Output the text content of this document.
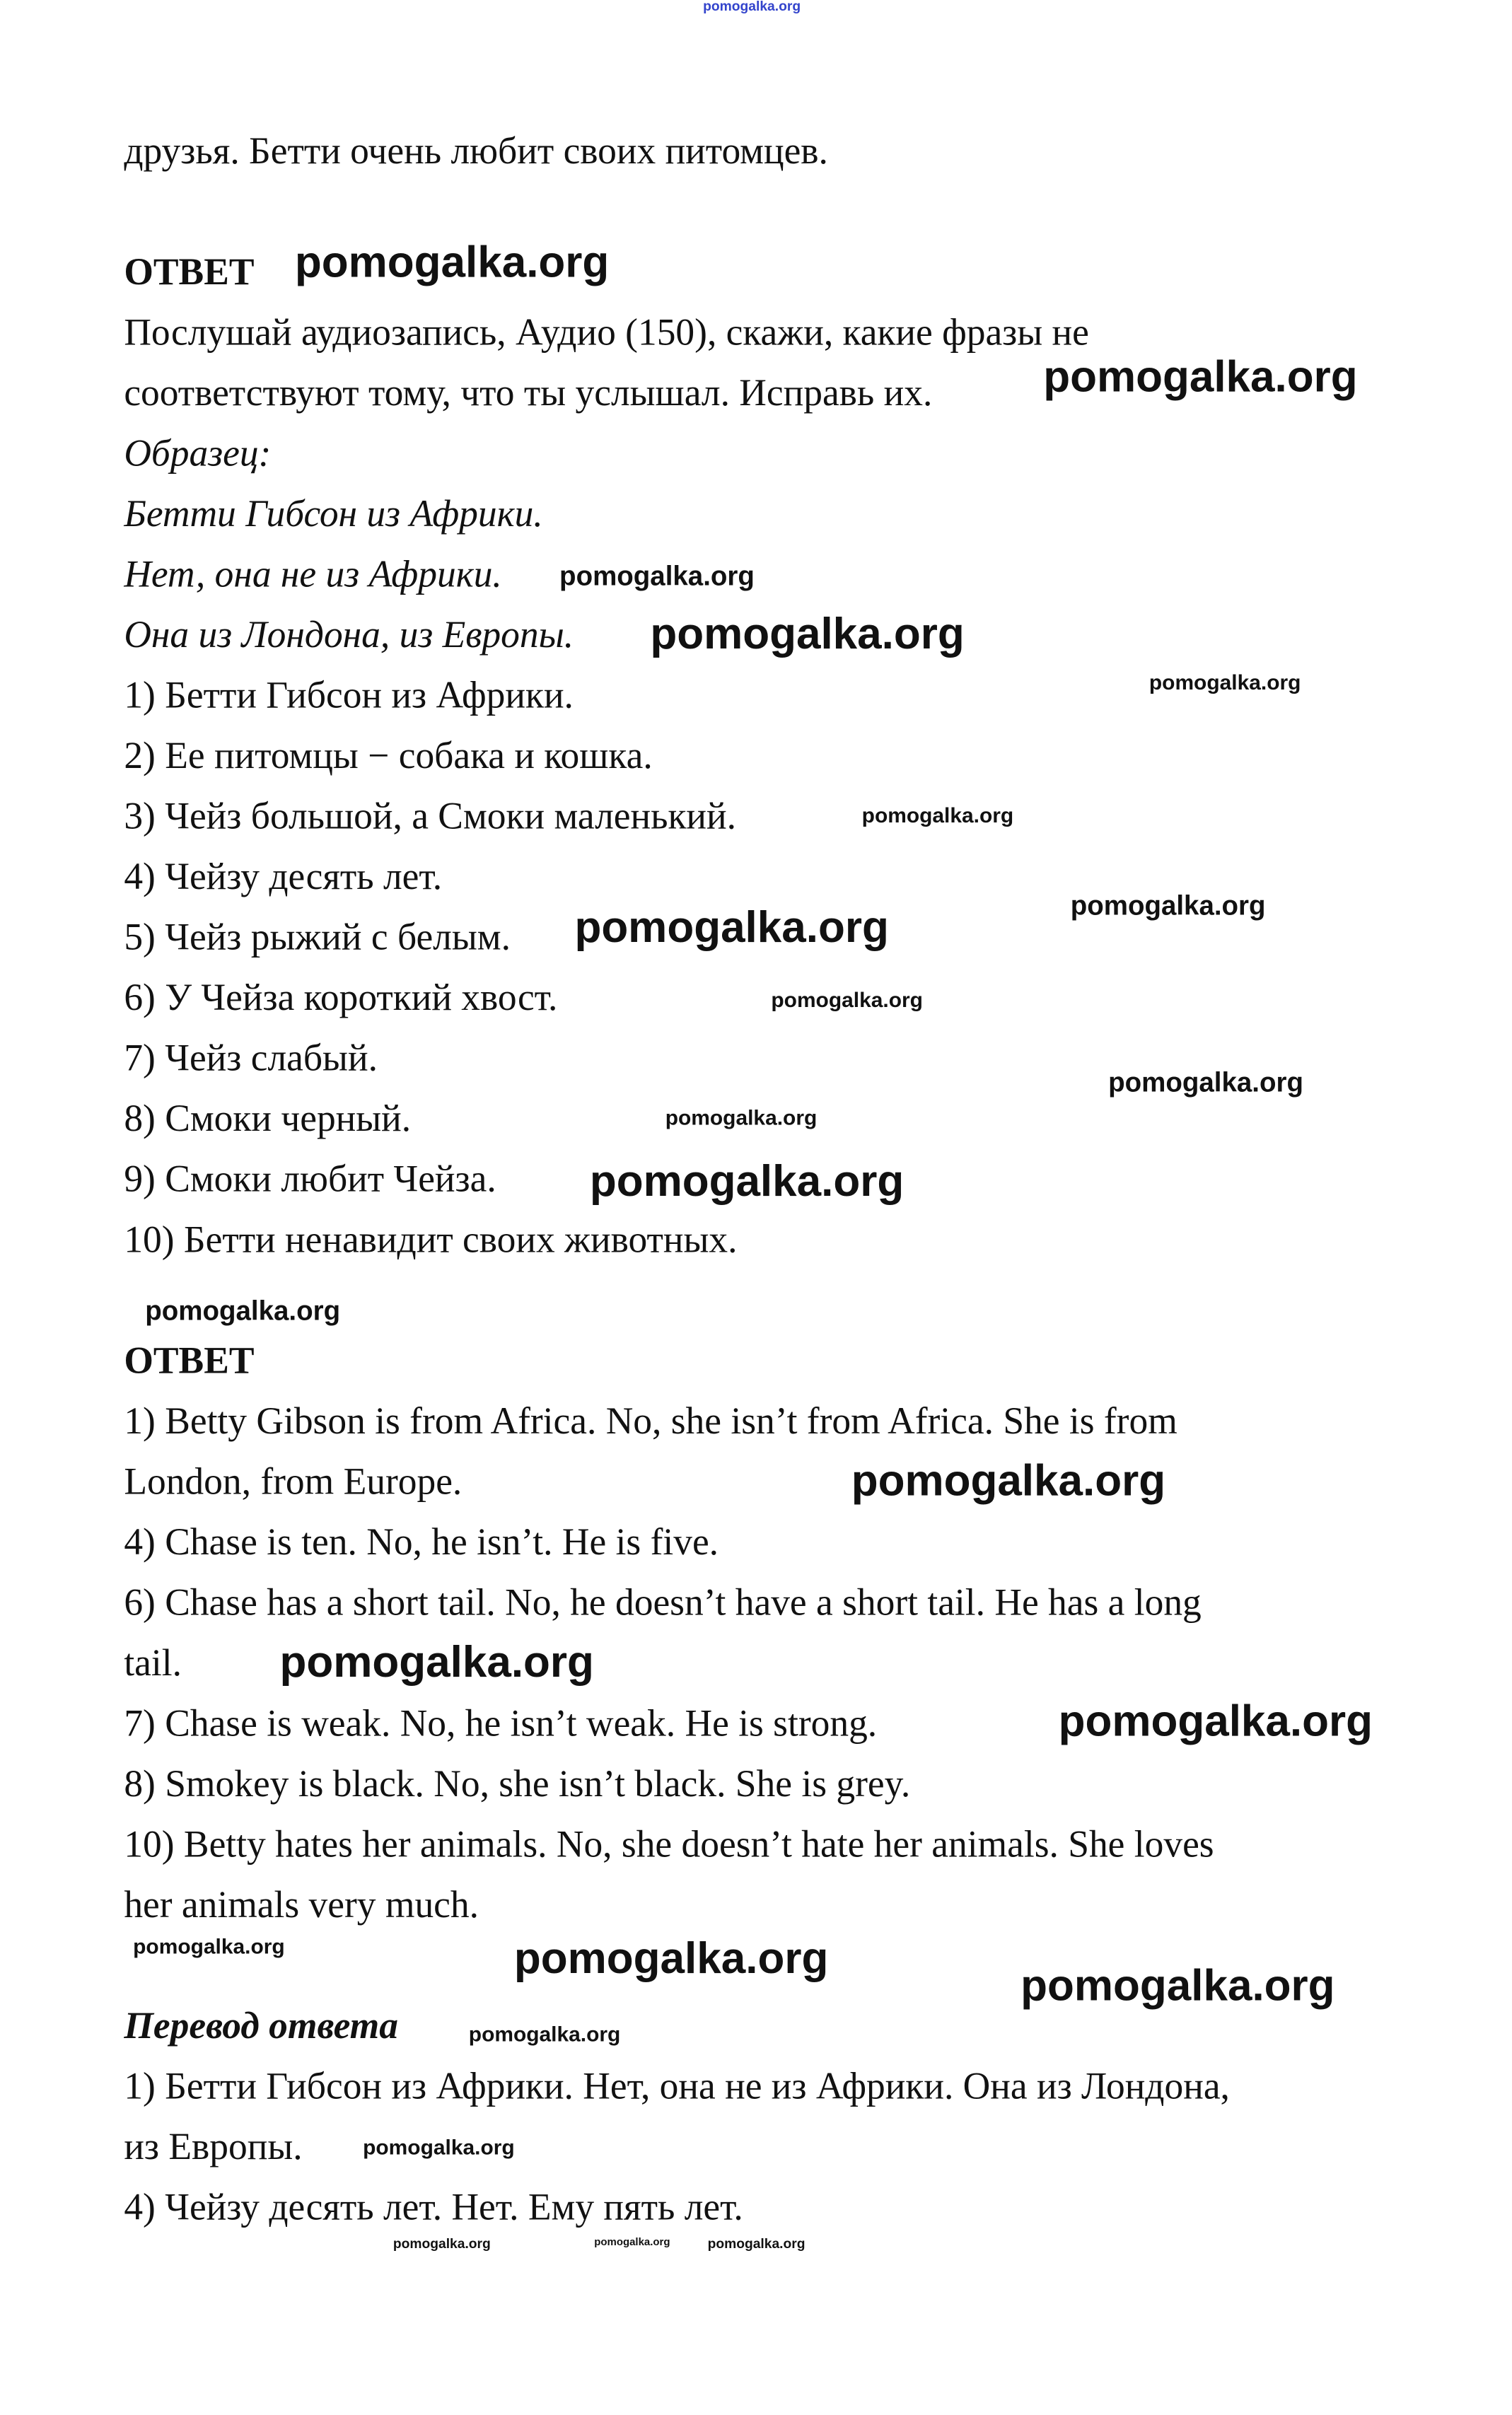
друзья. Бетти очень любит своих питомцев.
ОТВЕТ
Послушай аудиозапись, Аудио (150), скажи, какие фразы не
соответствуют тому, что ты услышал. Исправь их.
Образец:
Бетти Гибсон из Африки.
Нет, она не из Африки.
Она из Лондона, из Европы.
1) Бетти Гибсон из Африки.
2) Ее питомцы − собака и кошка.
3) Чейз большой, а Смоки маленький.
4) Чейзу десять лет.
5) Чейз рыжий с белым.
6) У Чейза короткий хвост.
7) Чейз слабый.
8) Смоки черный.
9) Смоки любит Чейза.
10) Бетти ненавидит своих животных.
ОТВЕТ
1) Betty Gibson is from Africa. No, she isn’t from Africa. She is from
London, from Europe.
4) Chase is ten. No, he isn’t. He is five.
6) Chase has a short tail. No, he doesn’t have a short tail. He has a long
tail.
7) Chase is weak. No, he isn’t weak. He is strong.
8) Smokey is black. No, she isn’t black. She is grey.
10) Betty hates her animals. No, she doesn’t hate her animals. She loves
her animals very much.
Перевод ответа
1) Бетти Гибсон из Африки. Нет, она не из Африки. Она из Лондона,
из Европы.
4) Чейзу десять лет. Нет. Ему пять лет.
pomogalka.org
pomogalka.org
pomogalka.org
pomogalka.org
pomogalka.org
pomogalka.org
pomogalka.org
pomogalka.org	pomogalka.org
pomogalka.org
pomogalka.org
pomogalka.org
pomogalka.org
pomogalka.org
pomogalka.org
pomogalka.org
pomogalka.org
pomogalka.org	pomogalka.org
pomogalka.org
pomogalka.org
pomogalka.org
pomogalka.org	pomogalka.org	pomogalka.org
